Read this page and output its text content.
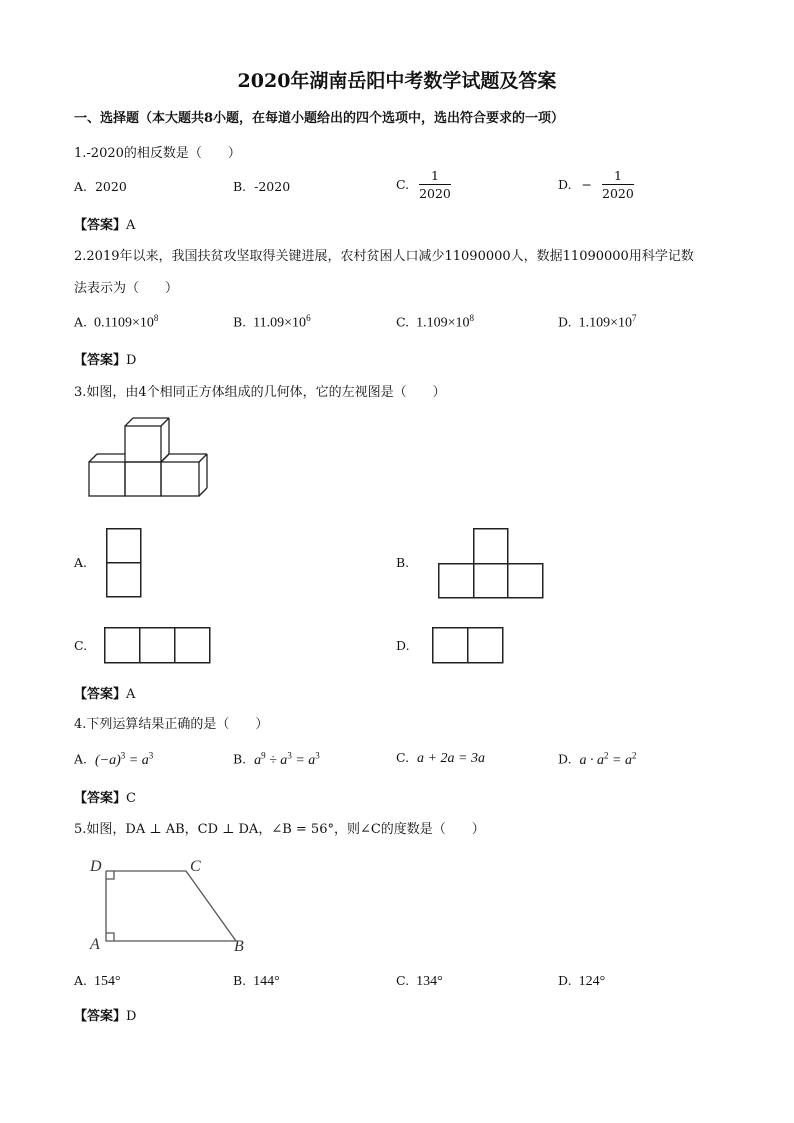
2020年湖南岳阳中考数学试题及答案
一、选择题（本大题共8小题，在每道小题给出的四个选项中，选出符合要求的一项）
1.-2020的相反数是（　　）
A. 2020	B. -2020	C. $\frac{1}{2020}$	D. − $\frac{1}{2020}$
【答案】A
2.2019年以来，我国扶贫攻坚取得关键进展，农村贫困人口减少11090000人，数据11090000用科学记数
法表示为（　　）
A. $0.1109\times 10^8$	B. $11.09\times 10^6$	C. $1.109\times 10^8$	D. $1.109\times 10^7$
【答案】D
3.如图，由4个相同正方体组成的几何体，它的左视图是（　　）
A.	B.
C.	D.
【答案】A
4.下列运算结果正确的是（　　）
A. $(-a)^3 = a^3$	B. $a^9 \div a^3 = a^3$	C. a + 2a = 3a	D. $a \cdot a^2 = a^2$
【答案】C
5.如图，DA ⊥ AB，CD ⊥ DA，∠B = 56°，则∠C的度数是（　　）
D	C
A	B
A. 154°	B. 144°	C. 134°	D. 124°
【答案】D
